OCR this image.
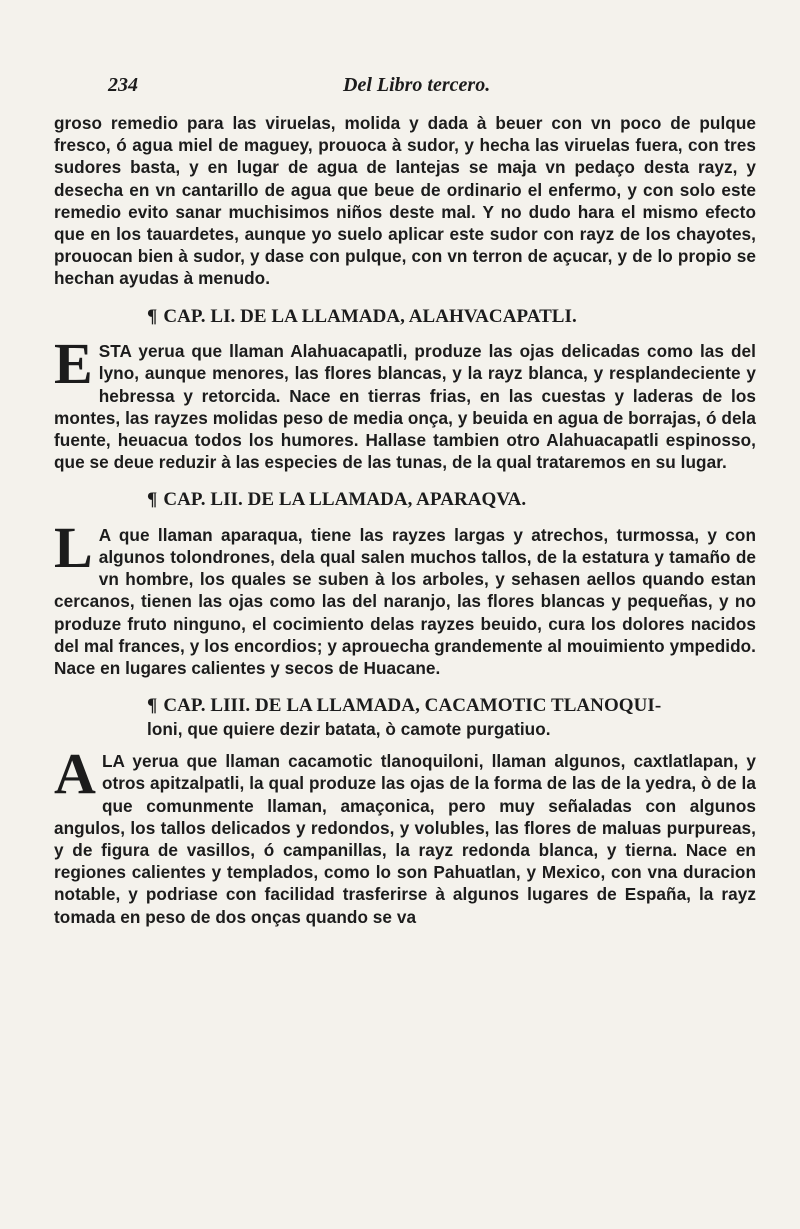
234	Del Libro tercero.

groso remedio para las viruelas, molida y dada à beuer con vn poco de pulque fresco, ó agua miel de maguey, prouoca à sudor, y hecha las viruelas fuera, con tres sudores basta, y en lugar de agua de lantejas se maja vn pedaço desta rayz, y desecha en vn cantarillo de agua que beue de ordinario el enfermo, y con solo este remedio evito sanar muchisimos niños deste mal. Y no dudo hara el mismo efecto que en los tauardetes, aunque yo suelo aplicar este sudor con rayz de los chayotes, prouocan bien à sudor, y dase con pulque, con vn terron de açucar, y de lo propio se hechan ayudas à menudo.

¶ CAP. LI. DE LA LLAMADA, ALAHVACAPATLI.

ESTA yerua que llaman Alahuacapatli, produze las ojas delicadas como las del lyno, aunque menores, las flores blancas, y la rayz blanca, y resplandeciente y hebressa y retorcida. Nace en tierras frias, en las cuestas y laderas de los montes, las rayzes molidas peso de media onça, y beuida en agua de borrajas, ó dela fuente, heuacua todos los humores. Hallase tambien otro Alahuacapatli espinosso, que se deue reduzir à las especies de las tunas, de la qual trataremos en su lugar.

¶ CAP. LII. DE LA LLAMADA, APARAQVA.

L A que llaman aparaqua, tiene las rayzes largas y atrechos, turmossa, y con algunos tolondrones, dela qual salen muchos tallos, de la estatura y tamaño de vn hombre, los quales se suben à los arboles, y sehasen aellos quando estan cercanos, tienen las ojas como las del naranjo, las flores blancas y pequeñas, y no produze fruto ninguno, el cocimiento delas rayzes beuido, cura los dolores nacidos del mal frances, y los encordios; y aprouecha grandemente al mouimiento ympedido. Nace en lugares calientes y secos de Huacane.

¶ CAP. LIII. DE LA LLAMADA, CACAMOTIC TLANOQUI-
loni, que quiere dezir batata, ò camote purgatiuo.

ALA yerua que llaman cacamotic tlanoquiloni, llaman algunos, caxtlatlapan, y otros apitzalpatli, la qual produze las ojas de la forma de las de la yedra, ò de la que comunmente llaman, amaçonica, pero muy señaladas con algunos angulos, los tallos delicados y redondos, y volubles, las flores de maluas purpureas, y de figura de vasillos, ó campanillas, la rayz redonda blanca, y tierna. Nace en regiones calientes y templados, como lo son Pahuatlan, y Mexico, con vna duracion notable, y podriase con facilidad trasferirse à algunos lugares de España, la rayz tomada en peso de dos onças quando se va
